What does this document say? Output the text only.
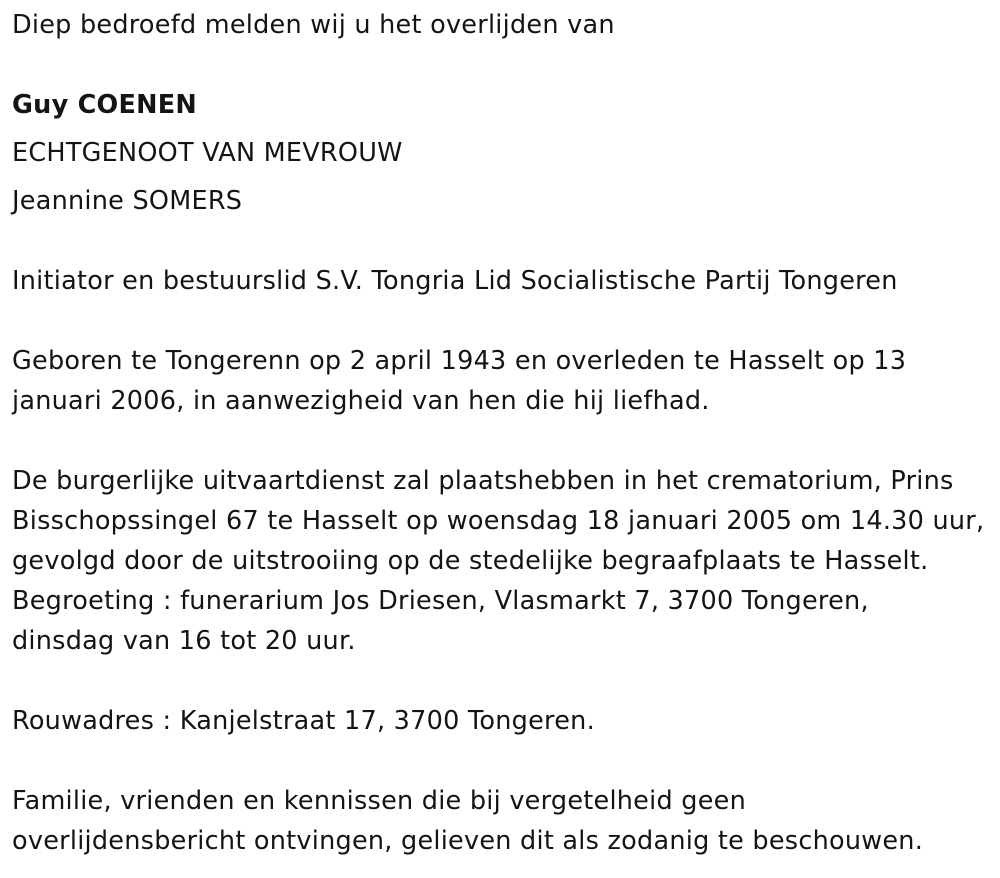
Diep bedroefd melden wij u het overlijden van
Guy COENEN
ECHTGENOOT VAN MEVROUW
Jeannine SOMERS
Initiator en bestuurslid S.V. Tongria Lid Socialistische Partij Tongeren
Geboren te Tongerenn op 2 april 1943 en overleden te Hasselt op 13
januari 2006, in aanwezigheid van hen die hij liefhad.
De burgerlijke uitvaartdienst zal plaatshebben in het crematorium, Prins
Bisschopssingel 67 te Hasselt op woensdag 18 januari 2005 om 14.30 uur,
gevolgd door de uitstrooiing op de stedelijke begraafplaats te Hasselt.
Begroeting : funerarium Jos Driesen, Vlasmarkt 7, 3700 Tongeren,
dinsdag van 16 tot 20 uur.
Rouwadres : Kanjelstraat 17, 3700 Tongeren.
Familie, vrienden en kennissen die bij vergetelheid geen
overlijdensbericht ontvingen, gelieven dit als zodanig te beschouwen.
